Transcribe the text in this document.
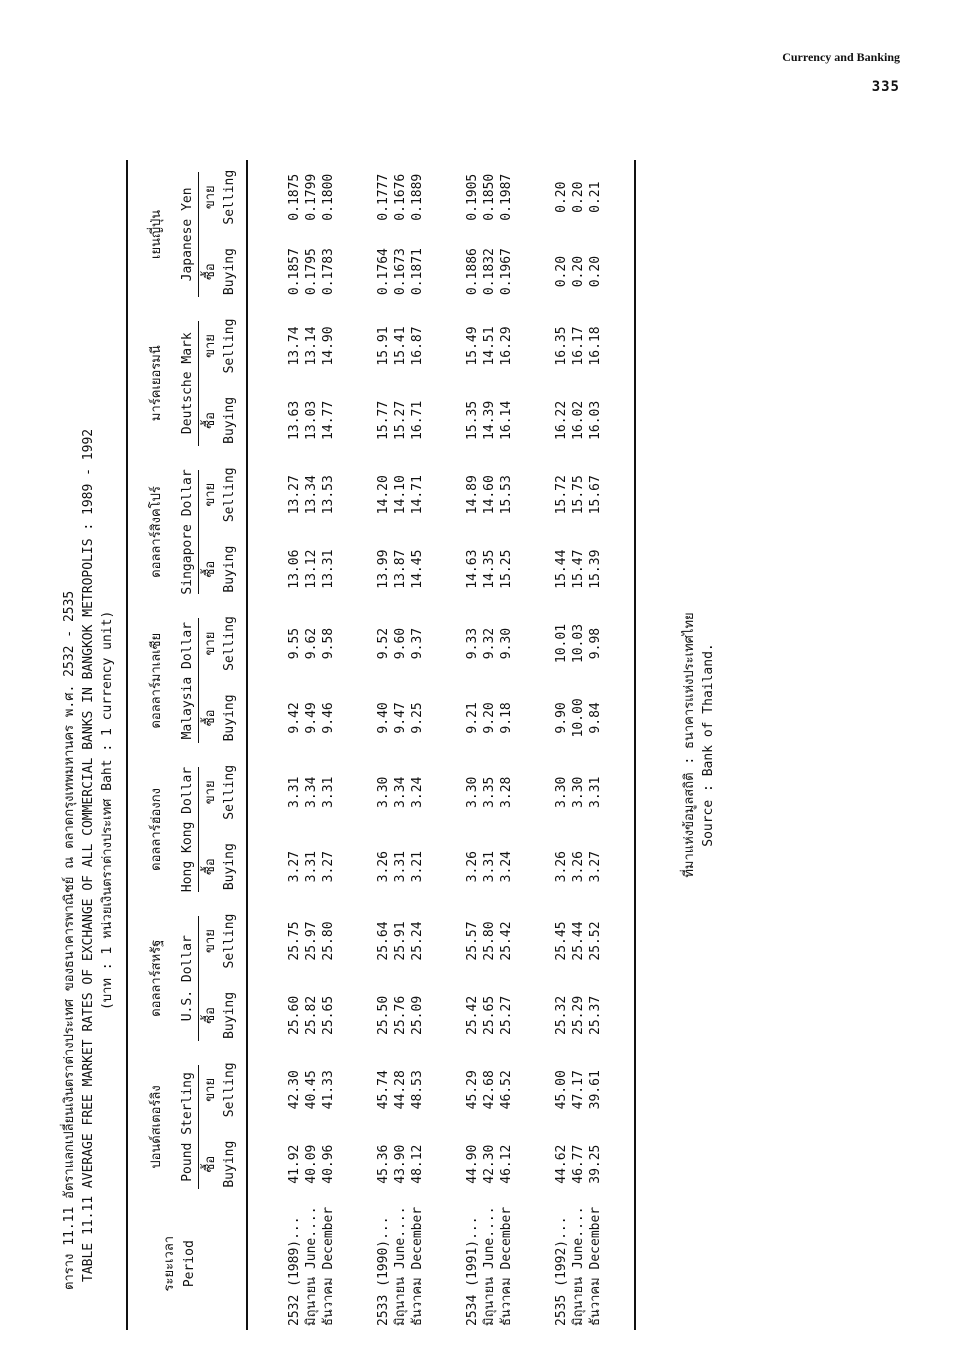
Currency and Banking
335
ตาราง 11.11 อัตราแลกเปลี่ยนเงินตราต่างประเทศ ของธนาคารพาณิชย์ ณ ตลาดกรุงเทพมหานคร พ.ศ. 2532 - 2535 TABLE 11.11 AVERAGE FREE MARKET RATES OF EXCHANGE OF ALL COMMERCIAL BANKS IN BANGKOK METROPOLIS : 1989 - 1992 (บาท : 1 หน่วยเงินตราต่างประเทศ Baht : 1 currency unit)
ระยะเวลา	ปอนด์สเตอร์ลิง		ดอลลาร์สหรัฐ		ดอลลาร์ฮ่องกง		ดอลลาร์มาเลเซีย		ดอลลาร์สิงคโปร์		มาร์คเยอรมนี		เยนญี่ปุ่น	
Period	Pound Sterling		U.S. Dollar		Hong Kong Dollar		Malaysia Dollar		Singapore Dollar		Deutsche Mark		Japanese Yen	

	ซื้อ	ขาย	ซื้อ	ขาย	ซื้อ	ขาย	ซื้อ	ขาย	ซื้อ	ขาย	ซื้อ	ขาย	ซื้อ	ขาย
	Buying	Selling	Buying	Selling	Buying	Selling	Buying	Selling	Buying	Selling	Buying	Selling	Buying	Selling

2532 (1989)...	41.92	42.30	25.60	25.75	3.27	3.31	9.42	9.55	13.06	13.27	13.63	13.74	0.1857	0.1875
มิถุนายน June....	40.09	40.45	25.82	25.97	3.31	3.34	9.49	9.62	13.12	13.34	13.03	13.14	0.1795	0.1799
ธันวาคม December	40.96	41.33	25.65	25.80	3.27	3.31	9.46	9.58	13.31	13.53	14.77	14.90	0.1783	0.1800

2533 (1990)...	45.36	45.74	25.50	25.64	3.26	3.30	9.40	9.52	13.99	14.20	15.77	15.91	0.1764	0.1777
มิถุนายน June....	43.90	44.28	25.76	25.91	3.31	3.34	9.47	9.60	13.87	14.10	15.27	15.41	0.1673	0.1676
ธันวาคม December	48.12	48.53	25.09	25.24	3.21	3.24	9.25	9.37	14.45	14.71	16.71	16.87	0.1871	0.1889

2534 (1991)...	44.90	45.29	25.42	25.57	3.26	3.30	9.21	9.33	14.63	14.89	15.35	15.49	0.1886	0.1905
มิถุนายน June....	42.30	42.68	25.65	25.80	3.31	3.35	9.20	9.32	14.35	14.60	14.39	14.51	0.1832	0.1850
ธันวาคม December	46.12	46.52	25.27	25.42	3.24	3.28	9.18	9.30	15.25	15.53	16.14	16.29	0.1967	0.1987

2535 (1992)...	44.62	45.00	25.32	25.45	3.26	3.30	9.90	10.01	15.44	15.72	16.22	16.35	0.20	0.20
มิถุนายน June....	46.77	47.17	25.29	25.44	3.26	3.30	10.00	10.03	15.47	15.75	16.02	16.17	0.20	0.20
ธันวาคม December	39.25	39.61	25.37	25.52	3.27	3.31	9.84	9.98	15.39	15.67	16.03	16.18	0.20	0.21

ที่มาแห่งข้อมูลสถิติ : ธนาคารแห่งประเทศไทย Source : Bank of Thailand.
